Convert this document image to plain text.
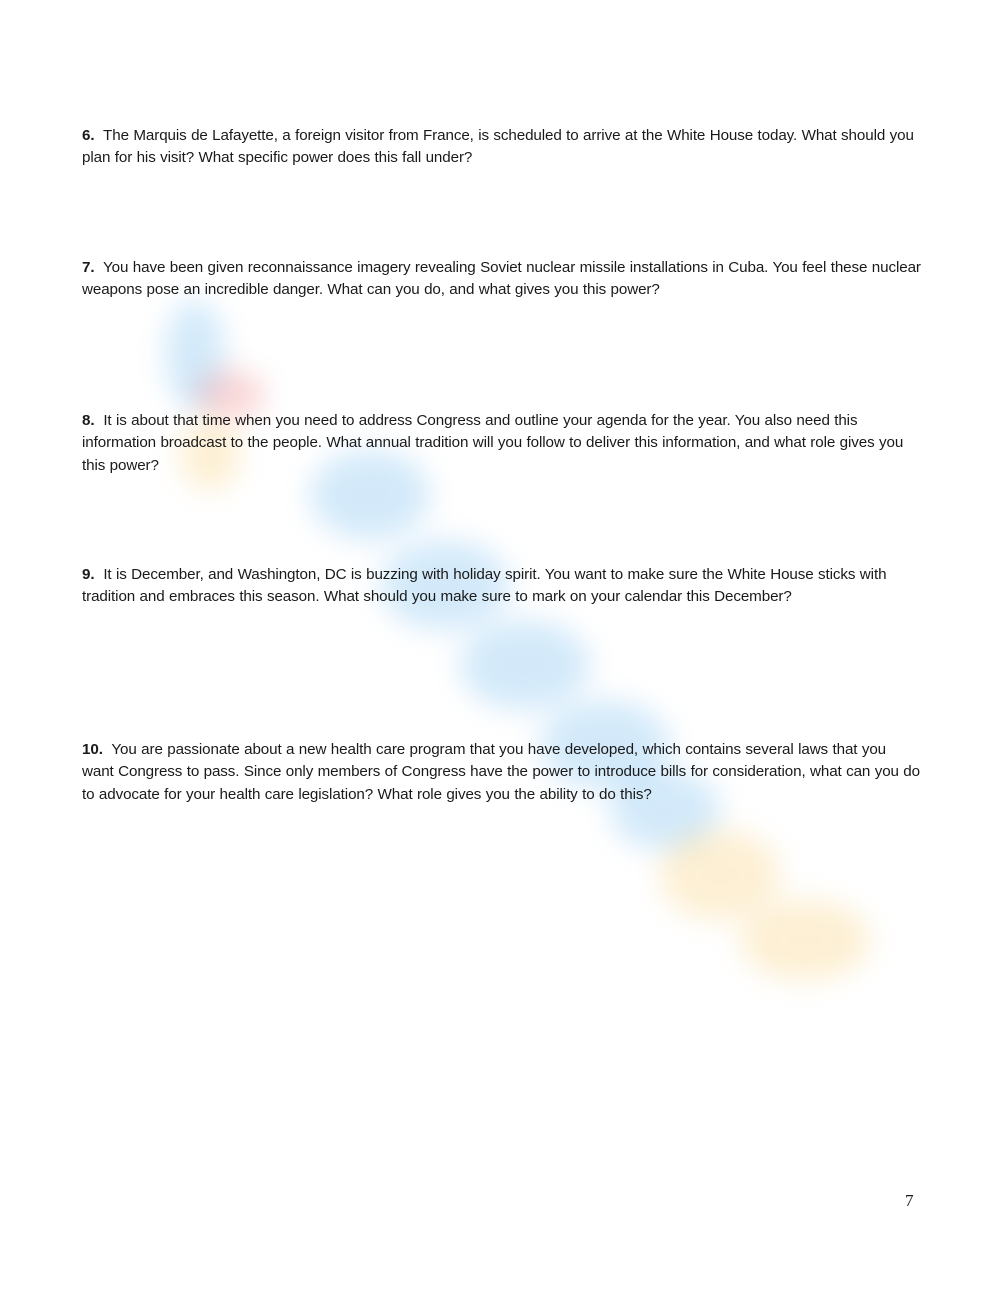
6. The Marquis de Lafayette, a foreign visitor from France, is scheduled to arrive at the White House today. What should you plan for his visit? What specific power does this fall under?
7. You have been given reconnaissance imagery revealing Soviet nuclear missile installations in Cuba. You feel these nuclear weapons pose an incredible danger. What can you do, and what gives you this power?
8. It is about that time when you need to address Congress and outline your agenda for the year. You also need this information broadcast to the people. What annual tradition will you follow to deliver this information, and what role gives you this power?
9. It is December, and Washington, DC is buzzing with holiday spirit. You want to make sure the White House sticks with tradition and embraces this season. What should you make sure to mark on your calendar this December?
10. You are passionate about a new health care program that you have developed, which contains several laws that you want Congress to pass. Since only members of Congress have the power to introduce bills for consideration, what can you do to advocate for your health care legislation? What role gives you the ability to do this?
7
